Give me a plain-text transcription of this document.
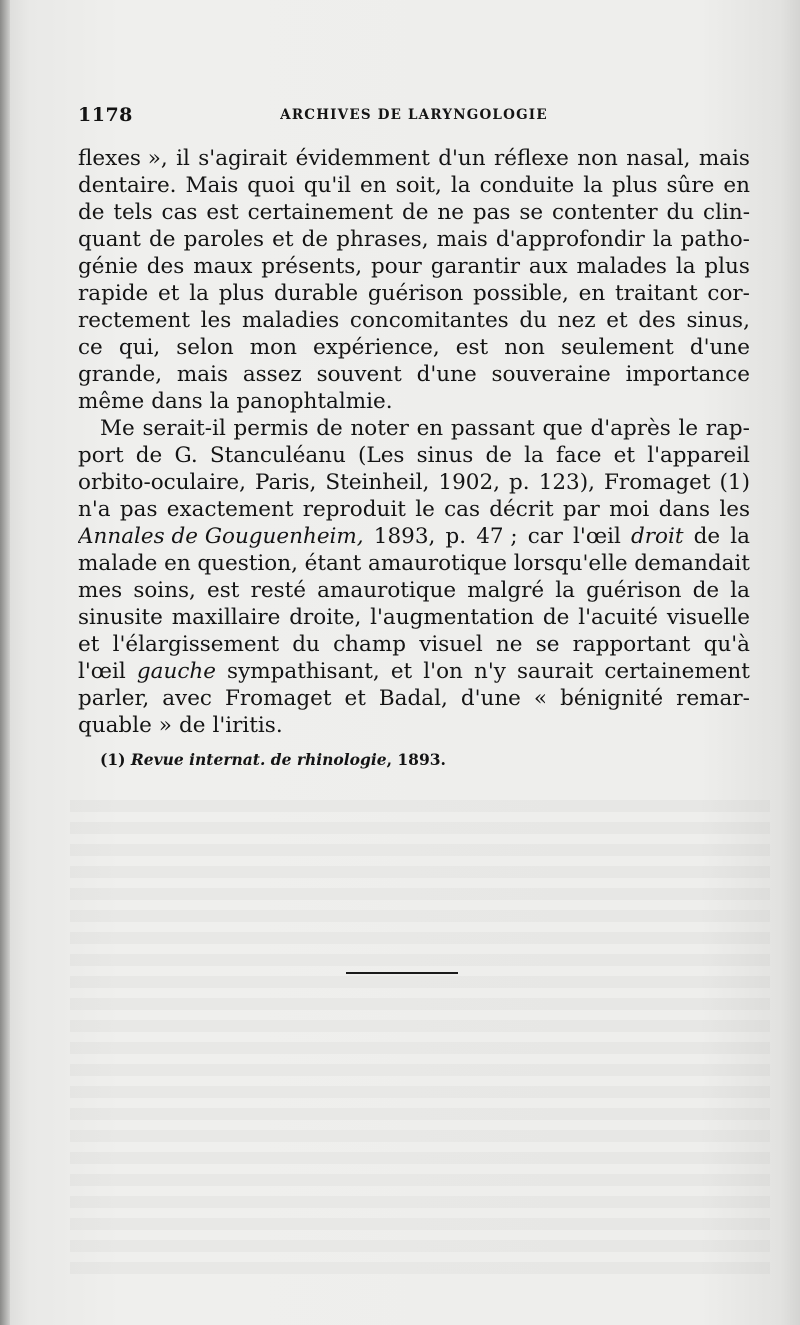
1178	ARCHIVES DE LARYNGOLOGIE
flexes », il s'agirait évidemment d'un réflexe non nasal, mais
dentaire. Mais quoi qu'il en soit, la conduite la plus sûre en
de tels cas est certainement de ne pas se contenter du clin-
quant de paroles et de phrases, mais d'approfondir la patho-
génie des maux présents, pour garantir aux malades la plus
rapide et la plus durable guérison possible, en traitant cor-
rectement les maladies concomitantes du nez et des sinus,
ce qui, selon mon expérience, est non seulement d'une
grande, mais assez souvent d'une souveraine importance
même dans la panophtalmie.
Me serait-il permis de noter en passant que d'après le rap-
port de G. Stanculéanu (Les sinus de la face et l'appareil
orbito-oculaire, Paris, Steinheil, 1902, p. 123), Fromaget (1)
n'a pas exactement reproduit le cas décrit par moi dans les
Annales de Gouguenheim, 1893, p. 47 ; car l'œil droit de la
malade en question, étant amaurotique lorsqu'elle demandait
mes soins, est resté amaurotique malgré la guérison de la
sinusite maxillaire droite, l'augmentation de l'acuité visuelle
et l'élargissement du champ visuel ne se rapportant qu'à
l'œil gauche sympathisant, et l'on n'y saurait certainement
parler, avec Fromaget et Badal, d'une « bénignité remar-
quable » de l'iritis.
(1) Revue internat. de rhinologie, 1893.
